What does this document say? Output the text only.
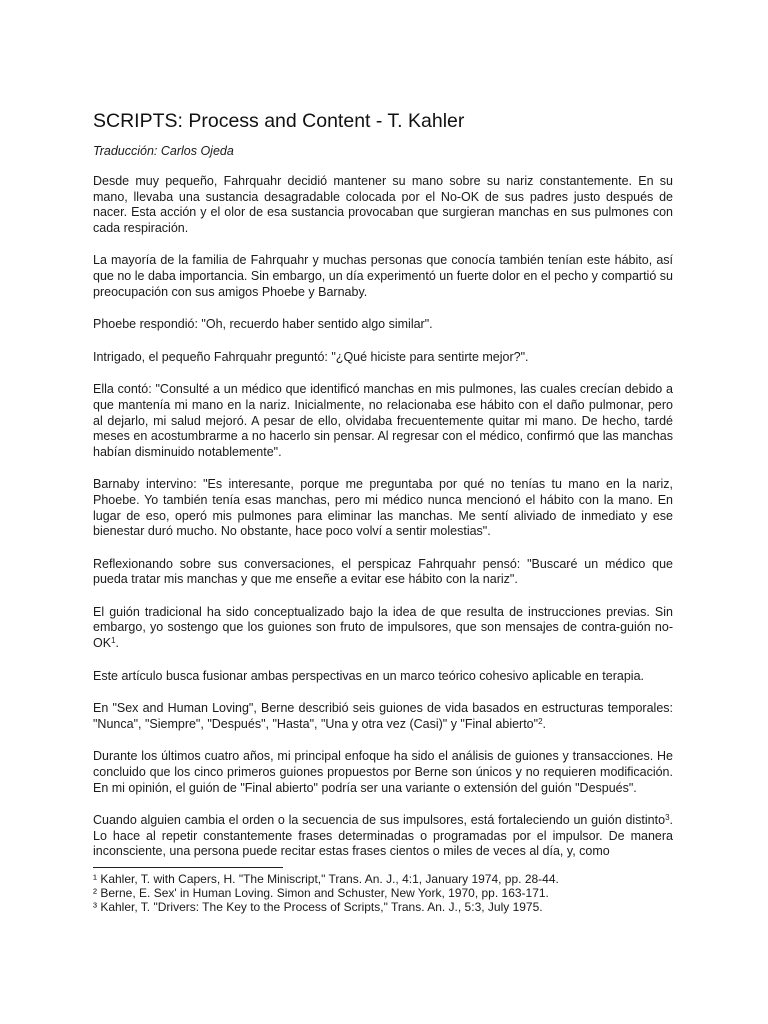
SCRIPTS: Process and Content - T. Kahler
Traducción: Carlos Ojeda

Desde muy pequeño, Fahrquahr decidió mantener su mano sobre su nariz constantemente. En su mano, llevaba una sustancia desagradable colocada por el No-OK de sus padres justo después de nacer. Esta acción y el olor de esa sustancia provocaban que surgieran manchas en sus pulmones con cada respiración.

La mayoría de la familia de Fahrquahr y muchas personas que conocía también tenían este hábito, así que no le daba importancia. Sin embargo, un día experimentó un fuerte dolor en el pecho y compartió su preocupación con sus amigos Phoebe y Barnaby.

Phoebe respondió: "Oh, recuerdo haber sentido algo similar".

Intrigado, el pequeño Fahrquahr preguntó: "¿Qué hiciste para sentirte mejor?".

Ella contó: "Consulté a un médico que identificó manchas en mis pulmones, las cuales crecían debido a que mantenía mi mano en la nariz. Inicialmente, no relacionaba ese hábito con el daño pulmonar, pero al dejarlo, mi salud mejoró. A pesar de ello, olvidaba frecuentemente quitar mi mano. De hecho, tardé meses en acostumbrarme a no hacerlo sin pensar. Al regresar con el médico, confirmó que las manchas habían disminuido notablemente".

Barnaby intervino: "Es interesante, porque me preguntaba por qué no tenías tu mano en la nariz, Phoebe. Yo también tenía esas manchas, pero mi médico nunca mencionó el hábito con la mano. En lugar de eso, operó mis pulmones para eliminar las manchas. Me sentí aliviado de inmediato y ese bienestar duró mucho. No obstante, hace poco volví a sentir molestias".

Reflexionando sobre sus conversaciones, el perspicaz Fahrquahr pensó: "Buscaré un médico que pueda tratar mis manchas y que me enseñe a evitar ese hábito con la nariz".

El guión tradicional ha sido conceptualizado bajo la idea de que resulta de instrucciones previas. Sin embargo, yo sostengo que los guiones son fruto de impulsores, que son mensajes de contra-guión $no-OK^1$.

Este artículo busca fusionar ambas perspectivas en un marco teórico cohesivo aplicable en terapia.

En "Sex and Human Loving", Berne describió seis guiones de vida basados en estructuras temporales: "Nunca", "Siempre", "Después", "Hasta", "Una y otra vez (Casi)" y "Final abierto"$^2$.

Durante los últimos cuatro años, mi principal enfoque ha sido el análisis de guiones y transacciones. He concluido que los cinco primeros guiones propuestos por Berne son únicos y no requieren modificación. En mi opinión, el guión de "Final abierto" podría ser una variante o extensión del guión "Después".

Cuando alguien cambia el orden o la secuencia de sus impulsores, está fortaleciendo un guión distinto$^3$. Lo hace al repetir constantemente frases determinadas o programadas por el impulsor. De manera inconsciente, una persona puede recitar estas frases cientos o miles de veces al día, y, como

¹ Kahler, T. with Capers, H. "The Miniscript," Trans. An. J., 4:1, January 1974, pp. 28-44.

² Berne, E. Sex' in Human Loving. Simon and Schuster, New York, 1970, pp. 163-171.

³ Kahler, T. "Drivers: The Key to the Process of Scripts," Trans. An. J., 5:3, July 1975.
